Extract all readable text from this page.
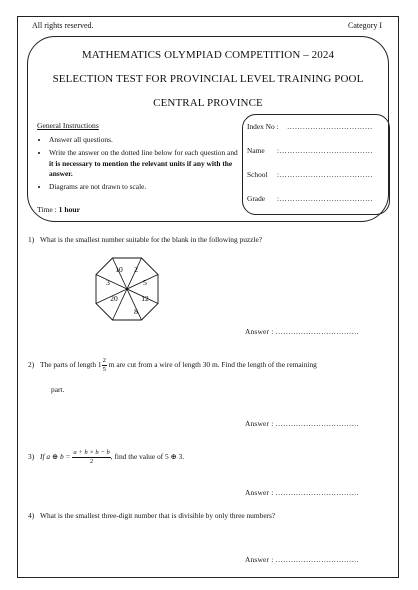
All rights reserved.	Category I
MATHEMATICS OLYMPIAD COMPETITION – 2024
SELECTION TEST FOR PROVINCIAL LEVEL TRAINING POOL
CENTRAL PROVINCE
General Instructions
• Answer all questions.
• Write the answer on the dotted line below for each question and it is necessary to mention the relevant units if any with the answer.
• Diagrams are not drawn to scale.
Time : 1 hour
Index No : ……………………………
Name :………………………………
School :………………………………
Grade :………………………………
1) What is the smallest number suitable for the blank in the following puzzle?
10 2
5
12
8
20
3
Answer : ……………………………
2) The parts of length $1 \frac{2}{5}$ m are cut from a wire of length 30 m. Find the length of the remaining
part.
Answer : ……………………………
3) If a ⊕ $b = \frac{a + b \times b - b}{2}$ , find the value of 5 ⊕ 3.
Answer : ……………………………
4) What is the smallest three-digit number that is divisible by only three numbers?
Answer : ……………………………
